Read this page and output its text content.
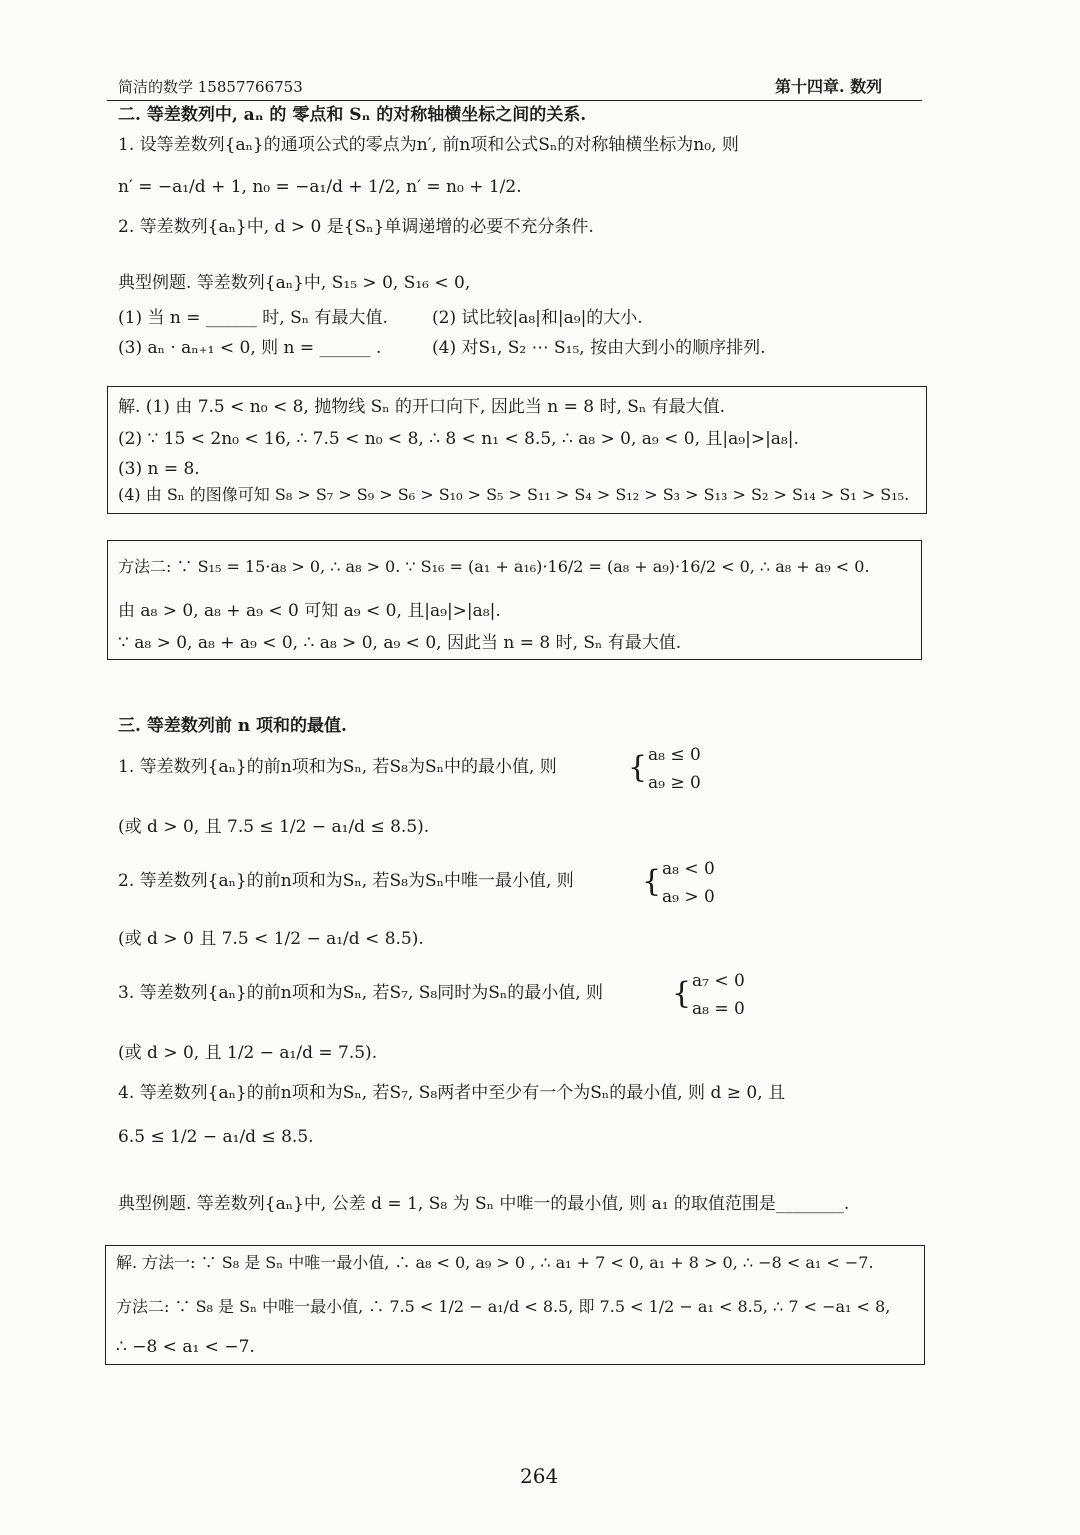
简洁的数学 15857766753	第十四章. 数列
二. 等差数列中, aₙ 的 零点和 Sₙ 的对称轴横坐标之间的关系.
1. 设等差数列{aₙ}的通项公式的零点为n′, 前n项和公式Sₙ的对称轴横坐标为n₀, 则
n′ = −a₁/d + 1, n₀ = −a₁/d + 1/2, n′ = n₀ + 1/2.
2. 等差数列{aₙ}中, d > 0 是{Sₙ}单调递增的必要不充分条件.
典型例题. 等差数列{aₙ}中, S₁₅ > 0, S₁₆ < 0,
(1) 当 n = ______ 时, Sₙ 有最大值.	(2) 试比较|a₈|和|a₉|的大小.
(3) aₙ · aₙ₊₁ < 0, 则 n = ______ .	(4) 对S₁, S₂ ⋯ S₁₅, 按由大到小的顺序排列.
解. (1) 由 7.5 < n₀ < 8, 抛物线 Sₙ 的开口向下, 因此当 n = 8 时, Sₙ 有最大值.
(2) ∵ 15 < 2n₀ < 16, ∴ 7.5 < n₀ < 8, ∴ 8 < n₁ < 8.5, ∴ a₈ > 0, a₉ < 0, 且|a₉|>|a₈|.
(3) n = 8.
(4) 由 Sₙ 的图像可知 S₈ > S₇ > S₉ > S₆ > S₁₀ > S₅ > S₁₁ > S₄ > S₁₂ > S₃ > S₁₃ > S₂ > S₁₄ > S₁ > S₁₅.
方法二: ∵ S₁₅ = 15·a₈ > 0, ∴ a₈ > 0. ∵ S₁₆ = (a₁ + a₁₆)·16/2 = (a₈ + a₉)·16/2 < 0, ∴ a₈ + a₉ < 0.
由 a₈ > 0, a₈ + a₉ < 0 可知 a₉ < 0, 且|a₉|>|a₈|.
∵ a₈ > 0, a₈ + a₉ < 0, ∴ a₈ > 0, a₉ < 0, 因此当 n = 8 时, Sₙ 有最大值.
三. 等差数列前 n 项和的最值.
1. 等差数列{aₙ}的前n项和为Sₙ, 若S₈为Sₙ中的最小值, 则 { a₈ ≤ 0
a₉ ≥ 0
(或 d > 0, 且 7.5 ≤ 1/2 − a₁/d ≤ 8.5).
2. 等差数列{aₙ}的前n项和为Sₙ, 若S₈为Sₙ中唯一最小值, 则 { a₈ < 0
a₉ > 0
(或 d > 0 且 7.5 < 1/2 − a₁/d < 8.5).
3. 等差数列{aₙ}的前n项和为Sₙ, 若S₇, S₈同时为Sₙ的最小值, 则 { a₇ < 0
a₈ = 0
(或 d > 0, 且 1/2 − a₁/d = 7.5).
4. 等差数列{aₙ}的前n项和为Sₙ, 若S₇, S₈两者中至少有一个为Sₙ的最小值, 则 d ≥ 0, 且
6.5 ≤ 1/2 − a₁/d ≤ 8.5.
典型例题. 等差数列{aₙ}中, 公差 d = 1, S₈ 为 Sₙ 中唯一的最小值, 则 a₁ 的取值范围是________.
解. 方法一: ∵ S₈ 是 Sₙ 中唯一最小值, ∴ a₈ < 0, a₉ > 0 , ∴ a₁ + 7 < 0, a₁ + 8 > 0, ∴ −8 < a₁ < −7.
方法二: ∵ S₈ 是 Sₙ 中唯一最小值, ∴ 7.5 < 1/2 − a₁/d < 8.5, 即 7.5 < 1/2 − a₁ < 8.5, ∴ 7 < −a₁ < 8,
∴ −8 < a₁ < −7.
264
